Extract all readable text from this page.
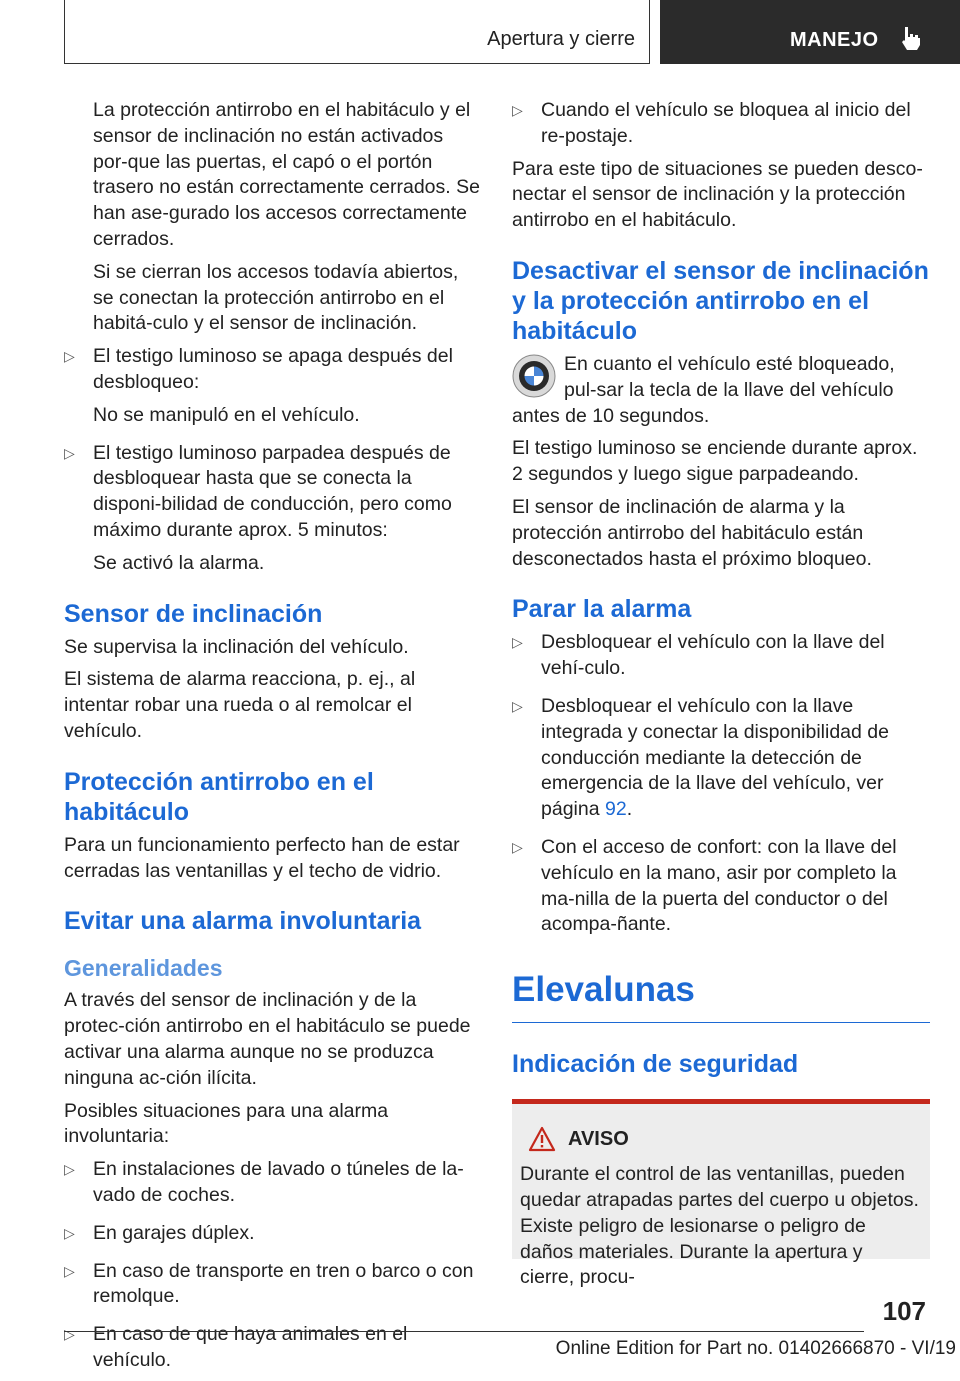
Apertura y cierre	MANEJO

La protección antirrobo en el habitáculo y el sensor de inclinación no están activados por-que las puertas, el capó o el portón trasero no están correctamente cerrados. Se han ase-gurado los accesos correctamente cerrados.

Si se cierran los accesos todavía abiertos, se conectan la protección antirrobo en el habitá-culo y el sensor de inclinación.

▷ El testigo luminoso se apaga después del desbloqueo:

No se manipuló en el vehículo.

▷ El testigo luminoso parpadea después de desbloquear hasta que se conecta la disponi-bilidad de conducción, pero como máximo durante aprox. 5 minutos:

Se activó la alarma.

Sensor de inclinación

Se supervisa la inclinación del vehículo.

El sistema de alarma reacciona, p. ej., al intentar robar una rueda o al remolcar el vehículo.

Protección antirrobo en el habitáculo

Para un funcionamiento perfecto han de estar cerradas las ventanillas y el techo de vidrio.

Evitar una alarma involuntaria
Generalidades

A través del sensor de inclinación y de la protec-ción antirrobo en el habitáculo se puede activar una alarma aunque no se produzca ninguna ac-ción ilícita.

Posibles situaciones para una alarma involuntaria:

▷ En instalaciones de lavado o túneles de la-vado de coches.

▷ En garajes dúplex.

▷ En caso de transporte en tren o barco o con remolque.

▷ En caso de que haya animales en el vehículo.

▷ Cuando el vehículo se bloquea al inicio del re-postaje.

Para este tipo de situaciones se pueden desco-nectar el sensor de inclinación y la protección antirrobo en el habitáculo.

Desactivar el sensor de inclinación y la protección antirrobo en el habitáculo

En cuanto el vehículo esté bloqueado, pul-sar la tecla de la llave del vehículo antes de 10 segundos.

El testigo luminoso se enciende durante aprox. 2 segundos y luego sigue parpadeando.

El sensor de inclinación de alarma y la protección antirrobo del habitáculo están desconectados hasta el próximo bloqueo.

Parar la alarma
▷ Desbloquear el vehículo con la llave del vehí-culo.

▷ Desbloquear el vehículo con la llave integrada y conectar la disponibilidad de conducción mediante la detección de emergencia de la llave del vehículo, ver página 92.

▷ Con el acceso de confort: con la llave del vehículo en la mano, asir por completo la ma-nilla de la puerta del conductor o del acompa-ñante.

Elevalunas
Indicación de seguridad
AVISO

Durante el control de las ventanillas, pueden quedar atrapadas partes del cuerpo u objetos. Existe peligro de lesionarse o peligro de daños materiales. Durante la apertura y cierre, procu-

107
Online Edition for Part no. 01402666870 - VI/19
